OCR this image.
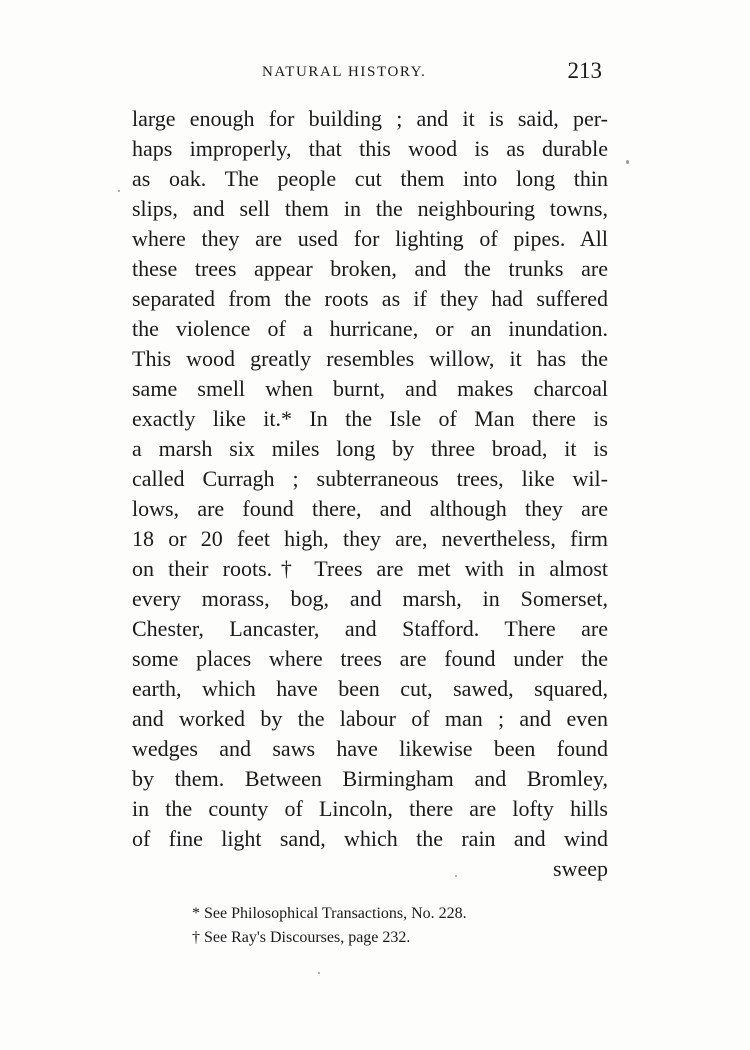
NATURAL HISTORY.	213
large enough for building ; and it is said, per-
haps improperly, that this wood is as durable
as oak. The people cut them into long thin
slips, and sell them in the neighbouring towns,
where they are used for lighting of pipes. All
these trees appear broken, and the trunks are
separated from the roots as if they had suffered
the violence of a hurricane, or an inundation.
This wood greatly resembles willow, it has the
same smell when burnt, and makes charcoal
exactly like it.* In the Isle of Man there is
a marsh six miles long by three broad, it is
called Curragh ; subterraneous trees, like wil-
lows, are found there, and although they are
18 or 20 feet high, they are, nevertheless, firm
on their roots.† Trees are met with in almost
every morass, bog, and marsh, in Somerset,
Chester, Lancaster, and Stafford. There are
some places where trees are found under the
earth, which have been cut, sawed, squared,
and worked by the labour of man ; and even
wedges and saws have likewise been found
by them. Between Birmingham and Bromley,
in the county of Lincoln, there are lofty hills
of fine light sand, which the rain and wind
sweep
* See Philosophical Transactions, No. 228.
† See Ray's Discourses, page 232.
